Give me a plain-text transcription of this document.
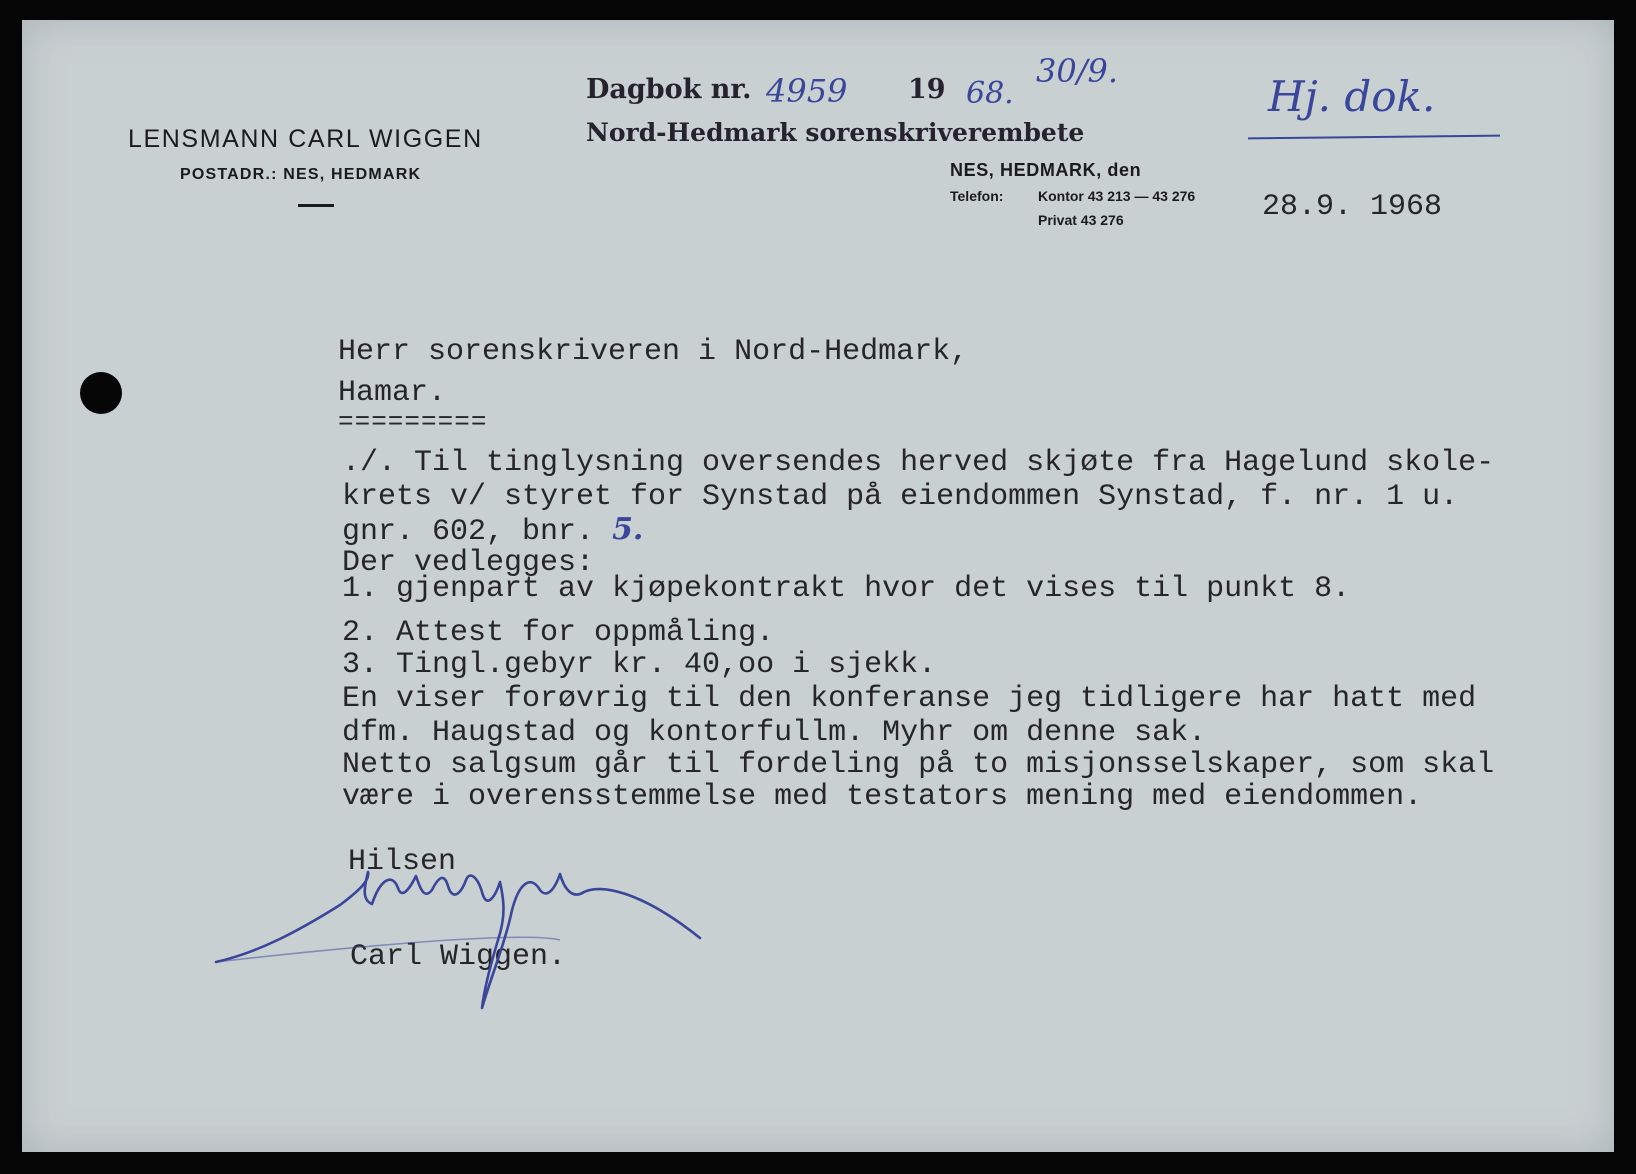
LENSMANN CARL WIGGEN
POSTADR.: NES, HEDMARK
Dagbok nr.	19
Nord-Hedmark sorenskriverembete
4959	68.
30/9.
Hj. dok.
NES, HEDMARK, den
Telefon: Kontor 43 213 — 43 276
Privat 43 276	28.9. 1968
Herr sorenskriveren i Nord-Hedmark,
Hamar.
=========
./. Til tinglysning oversendes herved skjøte fra Hagelund skole-
krets v/ styret for Synstad på eiendommen Synstad, f. nr. 1 u.
gnr. 602, bnr. 5.
Der vedlegges:
1. gjenpart av kjøpekontrakt hvor det vises til punkt 8.
2. Attest for oppmåling.
3. Tingl.gebyr kr. 40,oo i sjekk.
En viser forøvrig til den konferanse jeg tidligere har hatt med
dfm. Haugstad og kontorfullm. Myhr om denne sak.
Netto salgsum går til fordeling på to misjonsselskaper, som skal
være i overensstemmelse med testators mening med eiendommen.
Hilsen
Carl Wiggen.
